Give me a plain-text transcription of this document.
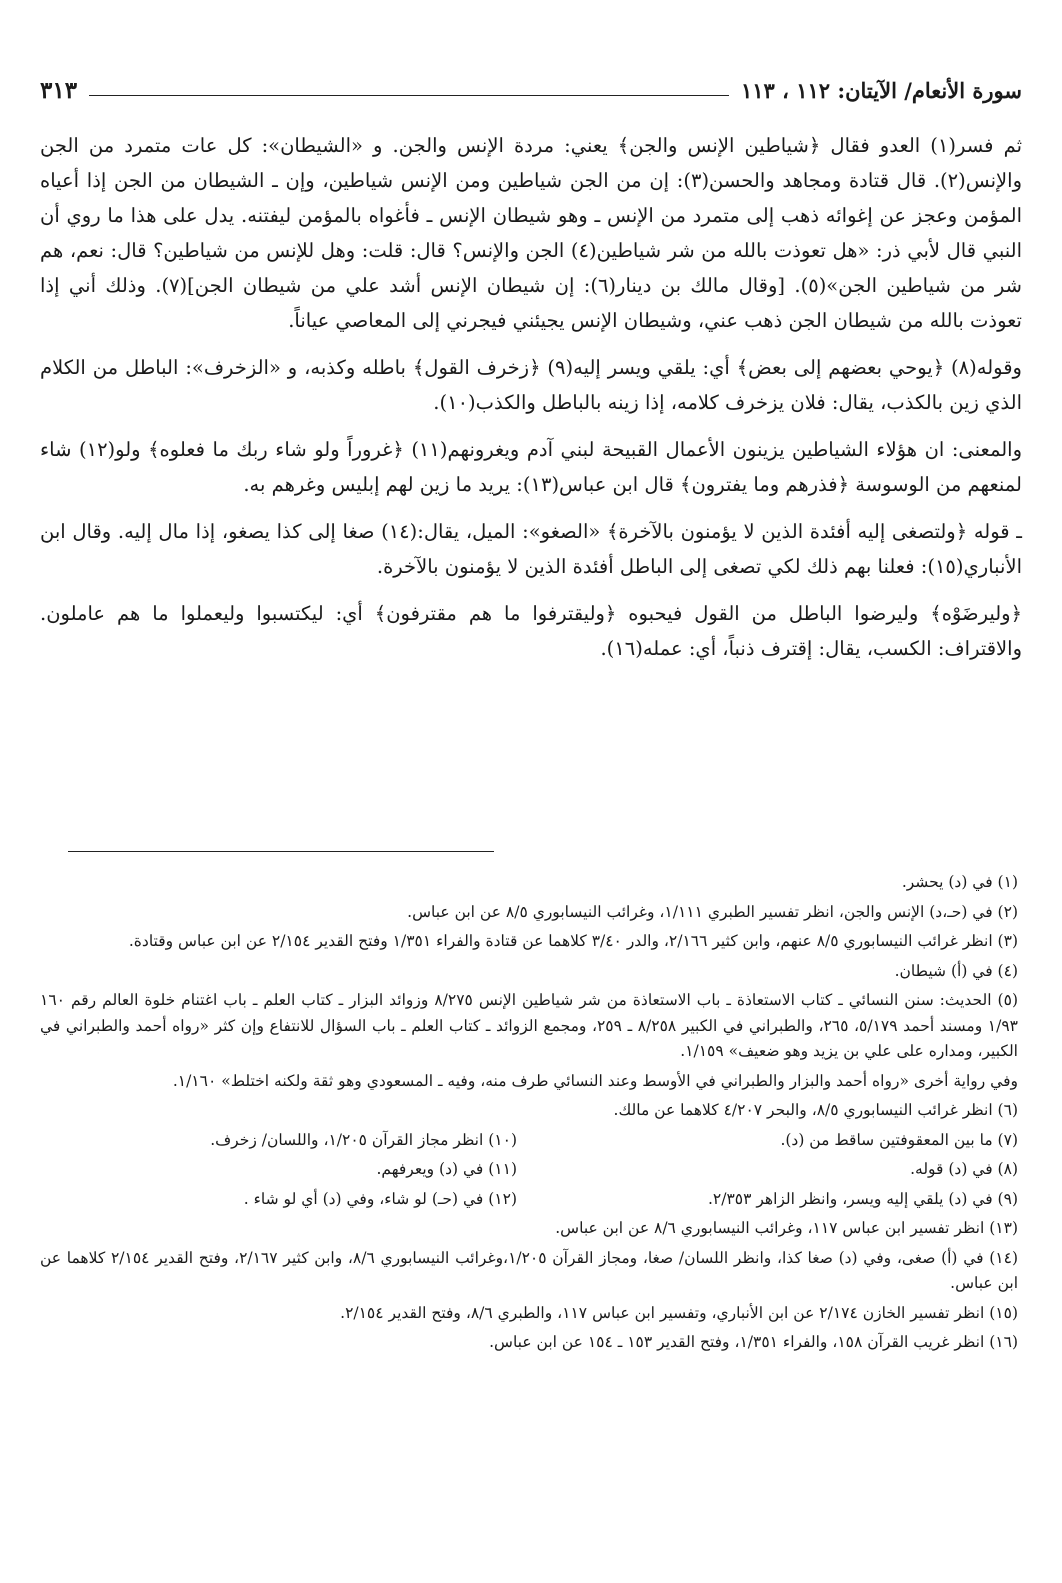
سورة الأنعام/ الآيتان: ١١٢ ، ١١٣
٣١٣

ثم فسر(١) العدو فقال ﴿شياطين الإنس والجن﴾ يعني: مردة الإنس والجن. و «الشيطان»: كل عات متمرد من الجن والإنس(٢). قال قتادة ومجاهد والحسن(٣): إن من الجن شياطين ومن الإنس شياطين، وإن ـ الشيطان من الجن إذا أعياه المؤمن وعجز عن إغوائه ذهب إلى متمرد من الإنس ـ وهو شيطان الإنس ـ فأغواه بالمؤمن ليفتنه. يدل على هذا ما روي أن النبي قال لأبي ذر: «هل تعوذت بالله من شر شياطين(٤) الجن والإنس؟ قال: قلت: وهل للإنس من شياطين؟ قال: نعم، هم شر من شياطين الجن»(٥). [وقال مالك بن دينار(٦): إن شيطان الإنس أشد علي من شيطان الجن](٧). وذلك أني إذا تعوذت بالله من شيطان الجن ذهب عني، وشيطان الإنس يجيئني فيجرني إلى المعاصي عياناً.

وقوله(٨) ﴿يوحي بعضهم إلى بعض﴾ أي: يلقي ويسر إليه(٩) ﴿زخرف القول﴾ باطله وكذبه، و «الزخرف»: الباطل من الكلام الذي زين بالكذب، يقال: فلان يزخرف كلامه، إذا زينه بالباطل والكذب(١٠).

والمعنى: ان هؤلاء الشياطين يزينون الأعمال القبيحة لبني آدم ويغرونهم(١١) ﴿غروراً ولو شاء ربك ما فعلوه﴾ ولو(١٢) شاء لمنعهم من الوسوسة ﴿فذرهم وما يفترون﴾ قال ابن عباس(١٣): يريد ما زين لهم إبليس وغرهم به.

ـ قوله ﴿ولتصغى إليه أفئدة الذين لا يؤمنون بالآخرة﴾ «الصغو»: الميل، يقال:(١٤) صغا إلى كذا يصغو، إذا مال إليه. وقال ابن الأنباري(١٥): فعلنا بهم ذلك لكي تصغى إلى الباطل أفئدة الذين لا يؤمنون بالآخرة.

﴿وليرضَوْه﴾ وليرضوا الباطل من القول فيحبوه ﴿وليقترفوا ما هم مقترفون﴾ أي: ليكتسبوا وليعملوا ما هم عاملون. والاقتراف: الكسب، يقال: إقترف ذنباً، أي: عمله(١٦).

(١) في (د) يحشر.
(٢) في (حـ،د) الإنس والجن، انظر تفسير الطبري ١/١١١، وغرائب النيسابوري ٨/٥ عن ابن عباس.
(٣) انظر غرائب النيسابوري ٨/٥ عنهم، وابن كثير ٢/١٦٦، والدر ٣/٤٠ كلاهما عن قتادة والفراء ١/٣٥١ وفتح القدير ٢/١٥٤ عن ابن عباس وقتادة.
(٤) في (أ) شيطان.
(٥) الحديث: سنن النسائي ـ كتاب الاستعاذة ـ باب الاستعاذة من شر شياطين الإنس ٨/٢٧٥ وزوائد البزار ـ كتاب العلم ـ باب اغتنام خلوة العالم رقم ١٦٠ ١/٩٣ ومسند أحمد ٥/١٧٩، ٢٦٥، والطبراني في الكبير ٨/٢٥٨ ـ ٢٥٩، ومجمع الزوائد ـ كتاب العلم ـ باب السؤال للانتفاع وإن كثر «رواه أحمد والطبراني في الكبير، ومداره على علي بن يزيد وهو ضعيف» ١/١٥٩.
وفي رواية أخرى «رواه أحمد والبزار والطبراني في الأوسط وعند النسائي طرف منه، وفيه ـ المسعودي وهو ثقة ولكنه اختلط» ١/١٦٠.
(٦) انظر غرائب النيسابوري ٨/٥، والبحر ٤/٢٠٧ كلاهما عن مالك.
(٧) ما بين المعقوفتين ساقط من (د).
(١٠) انظر مجاز القرآن ١/٢٠٥، واللسان/ زخرف.
(٨) في (د) قوله.
(١١) في (د) ويعرفهم.
(٩) في (د) يلقي إليه ويسر، وانظر الزاهر ٢/٣٥٣.
(١٢) في (حـ) لو شاء، وفي (د) أي لو شاء .
(١٣) انظر تفسير ابن عباس ١١٧، وغرائب النيسابوري ٨/٦ عن ابن عباس.
(١٤) في (أ) صغى، وفي (د) صغا كذا، وانظر اللسان/ صغا، ومجاز القرآن ١/٢٠٥،وغرائب النيسابوري ٨/٦، وابن كثير ٢/١٦٧، وفتح القدير ٢/١٥٤ كلاهما عن ابن عباس.
(١٥) انظر تفسير الخازن ٢/١٧٤ عن ابن الأنباري، وتفسير ابن عباس ١١٧، والطبري ٨/٦، وفتح القدير ٢/١٥٤.
(١٦) انظر غريب القرآن ١٥٨، والفراء ١/٣٥١، وفتح القدير ١٥٣ ـ ١٥٤ عن ابن عباس.
